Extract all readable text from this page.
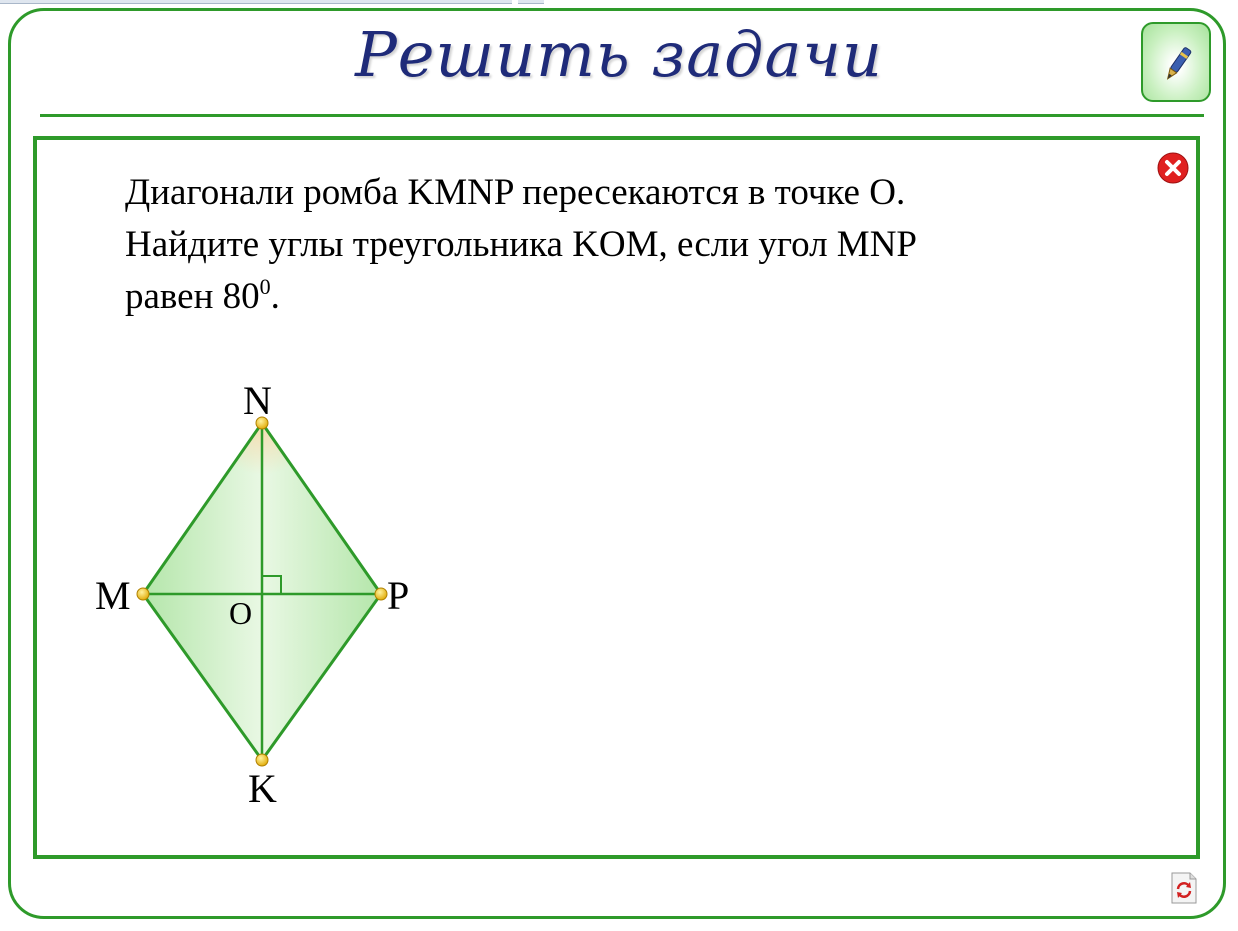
Решить задачи
Диагонали ромба KMNP пересекаются в точке O.
Найдите углы треугольника KOM, если угол MNP
равен $80^0$.
N
M	P
K
O
